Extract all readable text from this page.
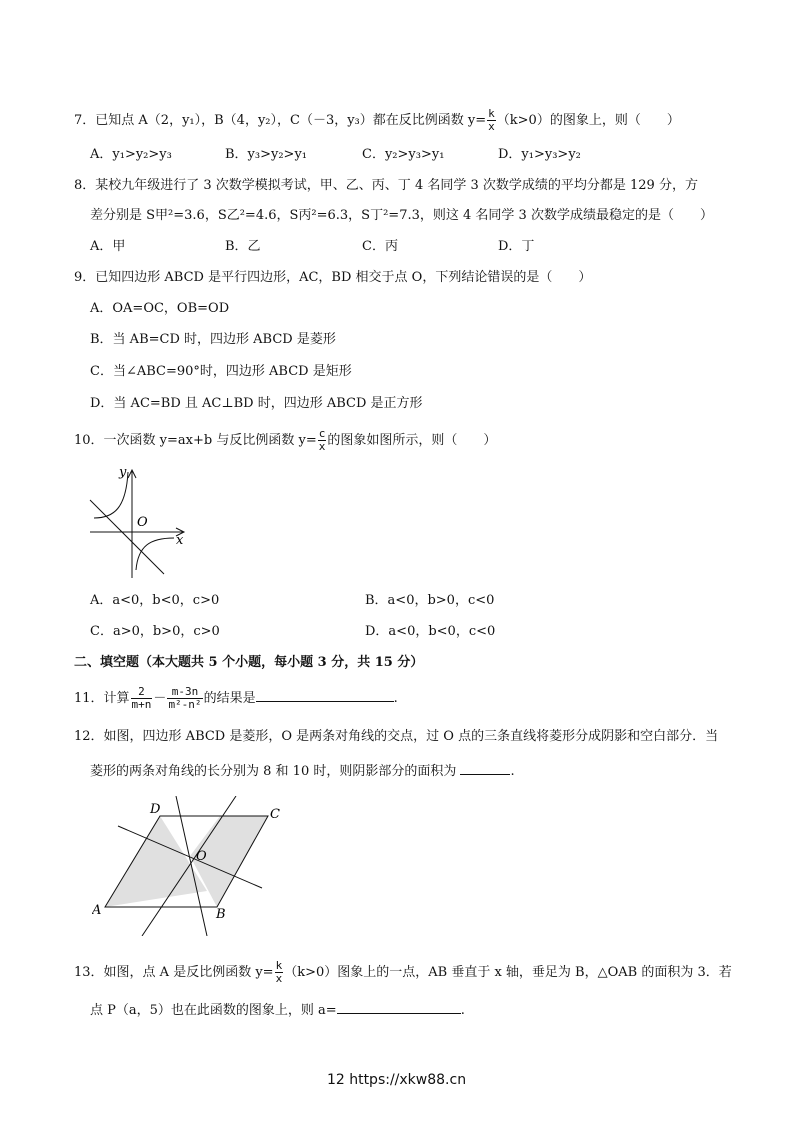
7．已知点 A（2，y₁），B（4，y₂），C（－3，y₃）都在反比例函数 $y= \frac{k}{x} (k>0)$的图象上，则（　　）
A．y₁>y₂>y₃	B．y₃>y₂>y₁	C．y₂>y₃>y₁	D．y₁>y₃>y₂
8．某校九年级进行了 3 次数学模拟考试，甲、乙、丙、丁 4 名同学 3 次数学成绩的平均分都是 129 分，方
差分别是 S甲²=3.6，S乙²=4.6，S丙²=6.3，S丁²=7.3，则这 4 名同学 3 次数学成绩最稳定的是（　　）
A．甲	B．乙	C．丙	D．丁
9．已知四边形 ABCD 是平行四边形，AC，BD 相交于点 O，下列结论错误的是（　　）
A．OA=OC，OB=OD
B．当 AB=CD 时，四边形 ABCD 是菱形
C．当∠ABC=90°时，四边形 ABCD 是矩形
D．当 AC=BD 且 AC⊥BD 时，四边形 ABCD 是正方形
10．一次函数 y=ax+b 与反比例函数 $y= \frac{c}{x}$ 的图象如图所示，则（　　）
y
O
x
A．a<0，b<0，c>0	B．a<0，b>0，c<0
C．a>0，b>0，c>0	D．a<0，b<0，c<0
二、填空题（本大题共 5 个小题，每小题 3 分，共 15 分）
11．计算 $\frac{2}{m+n} - \frac{m-3n}{\text{m²-n²}}$ 的结果是	.
12．如图，四边形 ABCD 是菱形，O 是两条对角线的交点，过 O 点的三条直线将菱形分成阴影和空白部分．当
菱形的两条对角线的长分别为 8 和 10 时，则阴影部分的面积为	.
A	B
C
D
O
13．如图，点 A 是反比例函数 $y= \frac{k}{x} (k>0)$图象上的一点，AB 垂直于 x 轴，垂足为 B，△OAB 的面积为 3．若
点 P（a，5）也在此函数的图象上，则 a=	.
12 https://xkw88.cn
